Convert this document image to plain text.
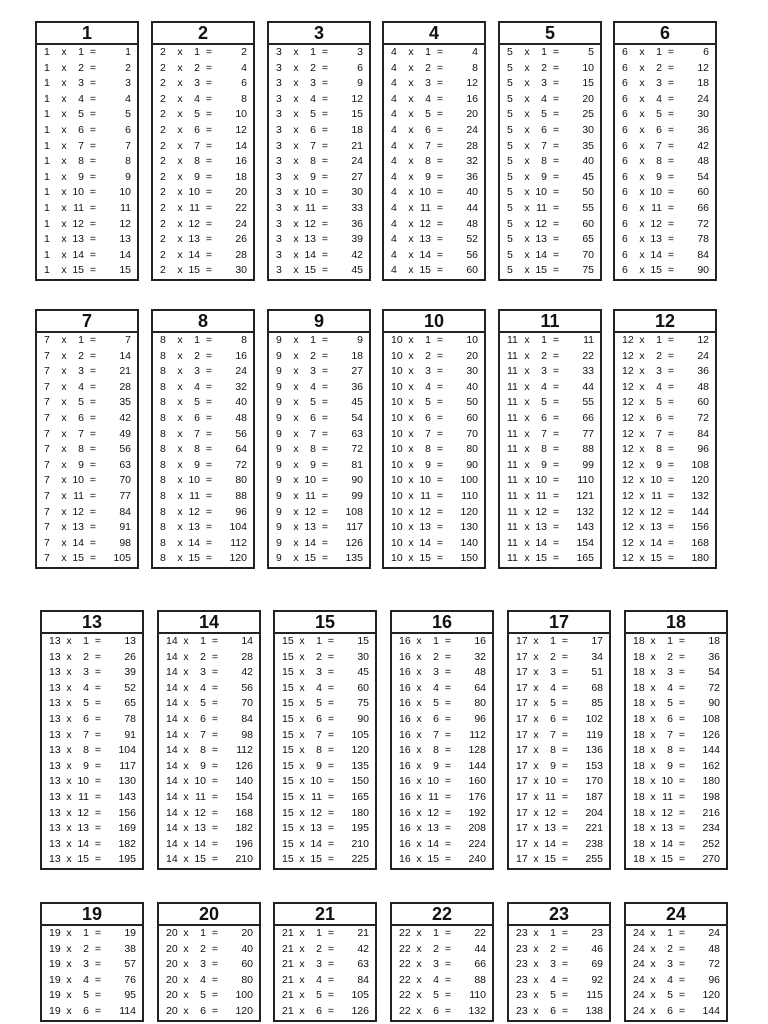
1
1	x	1 =	1
1	x	2 =	2
1	x	3 =	3
1	x	4 =	4
1	x	5 =	5
1	x	6 =	6
1	x	7 =	7
1	x	8 =	8
1	x	9 =	9
1	x 10 =	10
1	x 11 =	11
1	x 12 =	12
1	x 13 =	13
1	x 14 =	14
1	x 15 =	15
2
2	x	1 =	2
2	x	2 =	4
2	x	3 =	6
2	x	4 =	8
2	x	5 =	10
2	x	6 =	12
2	x	7 =	14
2	x	8 =	16
2	x	9 =	18
2	x 10 =	20
2	x 11 =	22
2	x 12 =	24
2	x 13 =	26
2	x 14 =	28
2	x 15 =	30
3
3	x	1 =	3
3	x	2 =	6
3	x	3 =	9
3	x	4 =	12
3	x	5 =	15
3	x	6 =	18
3	x	7 =	21
3	x	8 =	24
3	x	9 =	27
3	x 10 =	30
3	x 11 =	33
3	x 12 =	36
3	x 13 =	39
3	x 14 =	42
3	x 15 =	45
4
4	x	1 =	4
4	x	2 =	8
4	x	3 =	12
4	x	4 =	16
4	x	5 =	20
4	x	6 =	24
4	x	7 =	28
4	x	8 =	32
4	x	9 =	36
4	x 10 =	40
4	x 11 =	44
4	x 12 =	48
4	x 13 =	52
4	x 14 =	56
4	x 15 =	60
5
5	x	1 =	5
5	x	2 =	10
5	x	3 =	15
5	x	4 =	20
5	x	5 =	25
5	x	6 =	30
5	x	7 =	35
5	x	8 =	40
5	x	9 =	45
5	x 10 =	50
5	x 11 =	55
5	x 12 =	60
5	x 13 =	65
5	x 14 =	70
5	x 15 =	75
6
6	x	1 =	6
6	x	2 =	12
6	x	3 =	18
6	x	4 =	24
6	x	5 =	30
6	x	6 =	36
6	x	7 =	42
6	x	8 =	48
6	x	9 =	54
6	x 10 =	60
6	x 11 =	66
6	x 12 =	72
6	x 13 =	78
6	x 14 =	84
6	x 15 =	90
7
7	x	1 =	7
7	x	2 =	14
7	x	3 =	21
7	x	4 =	28
7	x	5 =	35
7	x	6 =	42
7	x	7 =	49
7	x	8 =	56
7	x	9 =	63
7	x 10 =	70
7	x 11 =	77
7	x 12 =	84
7	x 13 =	91
7	x 14 =	98
7	x 15 =	105
8
8	x	1 =	8
8	x	2 =	16
8	x	3 =	24
8	x	4 =	32
8	x	5 =	40
8	x	6 =	48
8	x	7 =	56
8	x	8 =	64
8	x	9 =	72
8	x 10 =	80
8	x 11 =	88
8	x 12 =	96
8	x 13 =	104
8	x 14 =	112
8	x 15 =	120
9
9	x	1 =	9
9	x	2 =	18
9	x	3 =	27
9	x	4 =	36
9	x	5 =	45
9	x	6 =	54
9	x	7 =	63
9	x	8 =	72
9	x	9 =	81
9	x 10 =	90
9	x 11 =	99
9	x 12 =	108
9	x 13 =	117
9	x 14 =	126
9	x 15 =	135
10
10 x	1 =	10
10 x	2 =	20
10 x	3 =	30
10 x	4 =	40
10 x	5 =	50
10 x	6 =	60
10 x	7 =	70
10 x	8 =	80
10 x	9 =	90
10 x 10 =	100
10 x 11 =	110
10 x 12 =	120
10 x 13 =	130
10 x 14 =	140
10 x 15 =	150
11
11 x	1 =	11
11 x	2 =	22
11 x	3 =	33
11 x	4 =	44
11 x	5 =	55
11 x	6 =	66
11 x	7 =	77
11 x	8 =	88
11 x	9 =	99
11 x 10 =	110
11 x 11 =	121
11 x 12 =	132
11 x 13 =	143
11 x 14 =	154
11 x 15 =	165
12
12 x	1 =	12
12 x	2 =	24
12 x	3 =	36
12 x	4 =	48
12 x	5 =	60
12 x	6 =	72
12 x	7 =	84
12 x	8 =	96
12 x	9 =	108
12 x 10 =	120
12 x 11 =	132
12 x 12 =	144
12 x 13 =	156
12 x 14 =	168
12 x 15 =	180
13
13 x	1 =	13
13 x	2 =	26
13 x	3 =	39
13 x	4 =	52
13 x	5 =	65
13 x	6 =	78
13 x	7 =	91
13 x	8 =	104
13 x	9 =	117
13 x 10 =	130
13 x 11 =	143
13 x 12 =	156
13 x 13 =	169
13 x 14 =	182
13 x 15 =	195
14
14 x	1 =	14
14 x	2 =	28
14 x	3 =	42
14 x	4 =	56
14 x	5 =	70
14 x	6 =	84
14 x	7 =	98
14 x	8 =	112
14 x	9 =	126
14 x 10 =	140
14 x 11 =	154
14 x 12 =	168
14 x 13 =	182
14 x 14 =	196
14 x 15 =	210
15
15 x	1 =	15
15 x	2 =	30
15 x	3 =	45
15 x	4 =	60
15 x	5 =	75
15 x	6 =	90
15 x	7 =	105
15 x	8 =	120
15 x	9 =	135
15 x 10 =	150
15 x 11 =	165
15 x 12 =	180
15 x 13 =	195
15 x 14 =	210
15 x 15 =	225
16
16 x	1 =	16
16 x	2 =	32
16 x	3 =	48
16 x	4 =	64
16 x	5 =	80
16 x	6 =	96
16 x	7 =	112
16 x	8 =	128
16 x	9 =	144
16 x 10 =	160
16 x 11 =	176
16 x 12 =	192
16 x 13 =	208
16 x 14 =	224
16 x 15 =	240
17
17 x	1 =	17
17 x	2 =	34
17 x	3 =	51
17 x	4 =	68
17 x	5 =	85
17 x	6 =	102
17 x	7 =	119
17 x	8 =	136
17 x	9 =	153
17 x 10 =	170
17 x 11 =	187
17 x 12 =	204
17 x 13 =	221
17 x 14 =	238
17 x 15 =	255
18
18 x	1 =	18
18 x	2 =	36
18 x	3 =	54
18 x	4 =	72
18 x	5 =	90
18 x	6 =	108
18 x	7 =	126
18 x	8 =	144
18 x	9 =	162
18 x 10 =	180
18 x 11 =	198
18 x 12 =	216
18 x 13 =	234
18 x 14 =	252
18 x 15 =	270
19
19 x	1 =	19
19 x	2 =	38
19 x	3 =	57
19 x	4 =	76
19 x	5 =	95
19 x	6 =	114
20
20 x	1 =	20
20 x	2 =	40
20 x	3 =	60
20 x	4 =	80
20 x	5 =	100
20 x	6 =	120
21
21 x	1 =	21
21 x	2 =	42
21 x	3 =	63
21 x	4 =	84
21 x	5 =	105
21 x	6 =	126
22
22 x	1 =	22
22 x	2 =	44
22 x	3 =	66
22 x	4 =	88
22 x	5 =	110
22 x	6 =	132
23
23 x	1 =	23
23 x	2 =	46
23 x	3 =	69
23 x	4 =	92
23 x	5 =	115
23 x	6 =	138
24
24 x	1 =	24
24 x	2 =	48
24 x	3 =	72
24 x	4 =	96
24 x	5 =	120
24 x	6 =	144
